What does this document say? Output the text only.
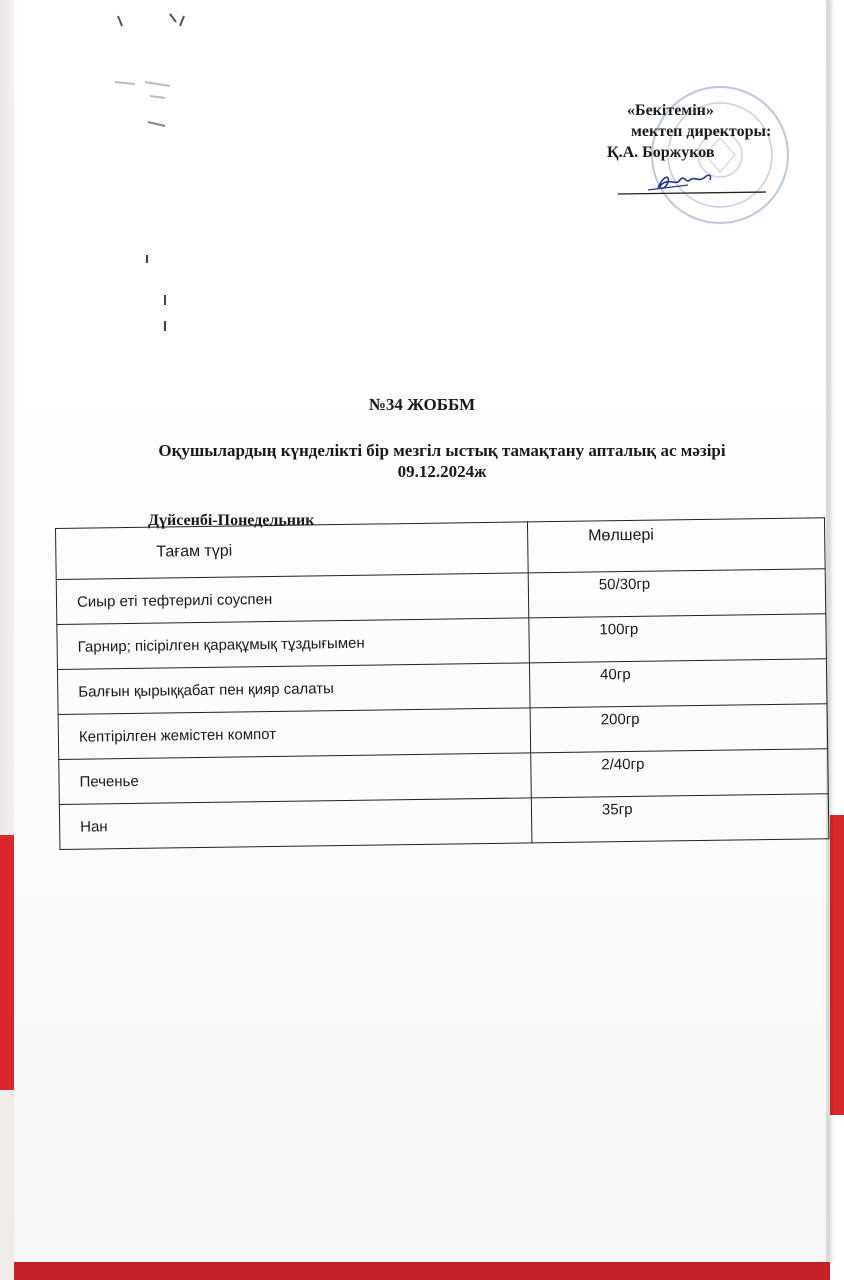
«Бекітемін»
мектеп директоры:
Қ.А. Боржуков
№34 ЖОББМ
Оқушылардың күнделікті бір мезгіл ыстық тамақтану апталық ас мәзірі
09.12.2024ж
Дүйсенбі-Понедельник
Тағам түрі	Мөлшері
Сиыр еті тефтерилі соуспен	50/30гр
Гарнир; пісірілген қарақұмық тұздығымен	100гр
Балғын қырыққабат пен қияр салаты	40гр
Кептірілген жемістен компот	200гр
Печенье	2/40гр
Нан	35гр
